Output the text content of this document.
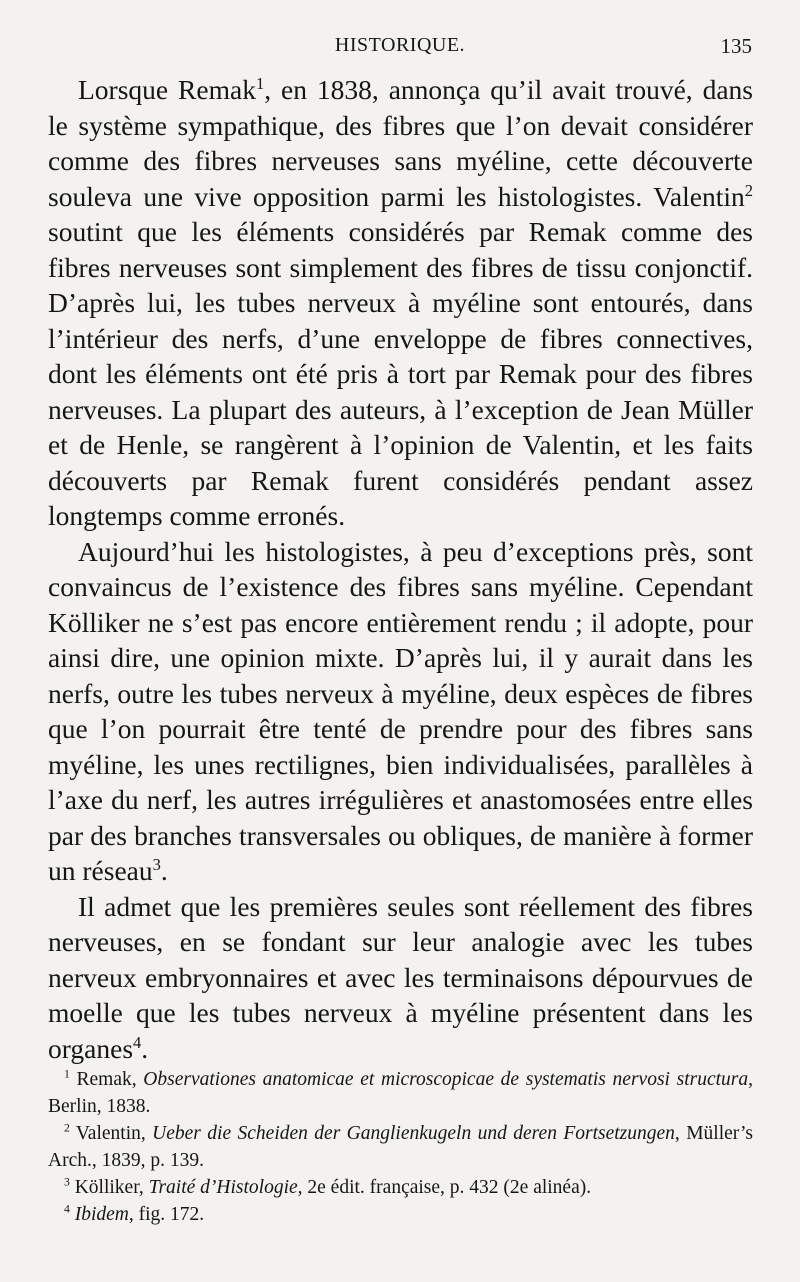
HISTORIQUE.	135

Lorsque Remak$^1$, en 1838, annonça qu’il avait trouvé, dans le système sympathique, des fibres que l’on devait considérer comme des fibres nerveuses sans myéline, cette découverte souleva une vive opposition parmi les histologistes. Valentin$^2$ soutint que les éléments considérés par Remak comme des fibres nerveuses sont simplement des fibres de tissu conjonctif. D’après lui, les tubes nerveux à myéline sont entourés, dans l’intérieur des nerfs, d’une enveloppe de fibres connectives, dont les éléments ont été pris à tort par Remak pour des fibres nerveuses. La plupart des auteurs, à l’exception de Jean Müller et de Henle, se rangèrent à l’opinion de Valentin, et les faits découverts par Remak furent considérés pendant assez longtemps comme erronés.

Aujourd’hui les histologistes, à peu d’exceptions près, sont convaincus de l’existence des fibres sans myéline. Cependant Kölliker ne s’est pas encore entièrement rendu ; il adopte, pour ainsi dire, une opinion mixte. D’après lui, il y aurait dans les nerfs, outre les tubes nerveux à myéline, deux espèces de fibres que l’on pourrait être tenté de prendre pour des fibres sans myéline, les unes rectilignes, bien individualisées, parallèles à l’axe du nerf, les autres irrégulières et anastomosées entre elles par des branches transversales ou obliques, de manière à former un réseau$^3$.

Il admet que les premières seules sont réellement des fibres nerveuses, en se fondant sur leur analogie avec les tubes nerveux embryonnaires et avec les terminaisons dépourvues de moelle que les tubes nerveux à myéline présentent dans les organes$^4$.

$^1$ Remak, Observationes anatomicae et microscopicae de systematis nervosi structura, Berlin, 1838.

$^2$ Valentin, Ueber die Scheiden der Ganglienkugeln und deren Fortsetzungen, Müller’s Arch., 1839, p. 139.

$^3$ Kölliker, Traité d’Histologie, 2e édit. française, p. 432 (2e alinéa).

$^4$ Ibidem, fig. 172.
